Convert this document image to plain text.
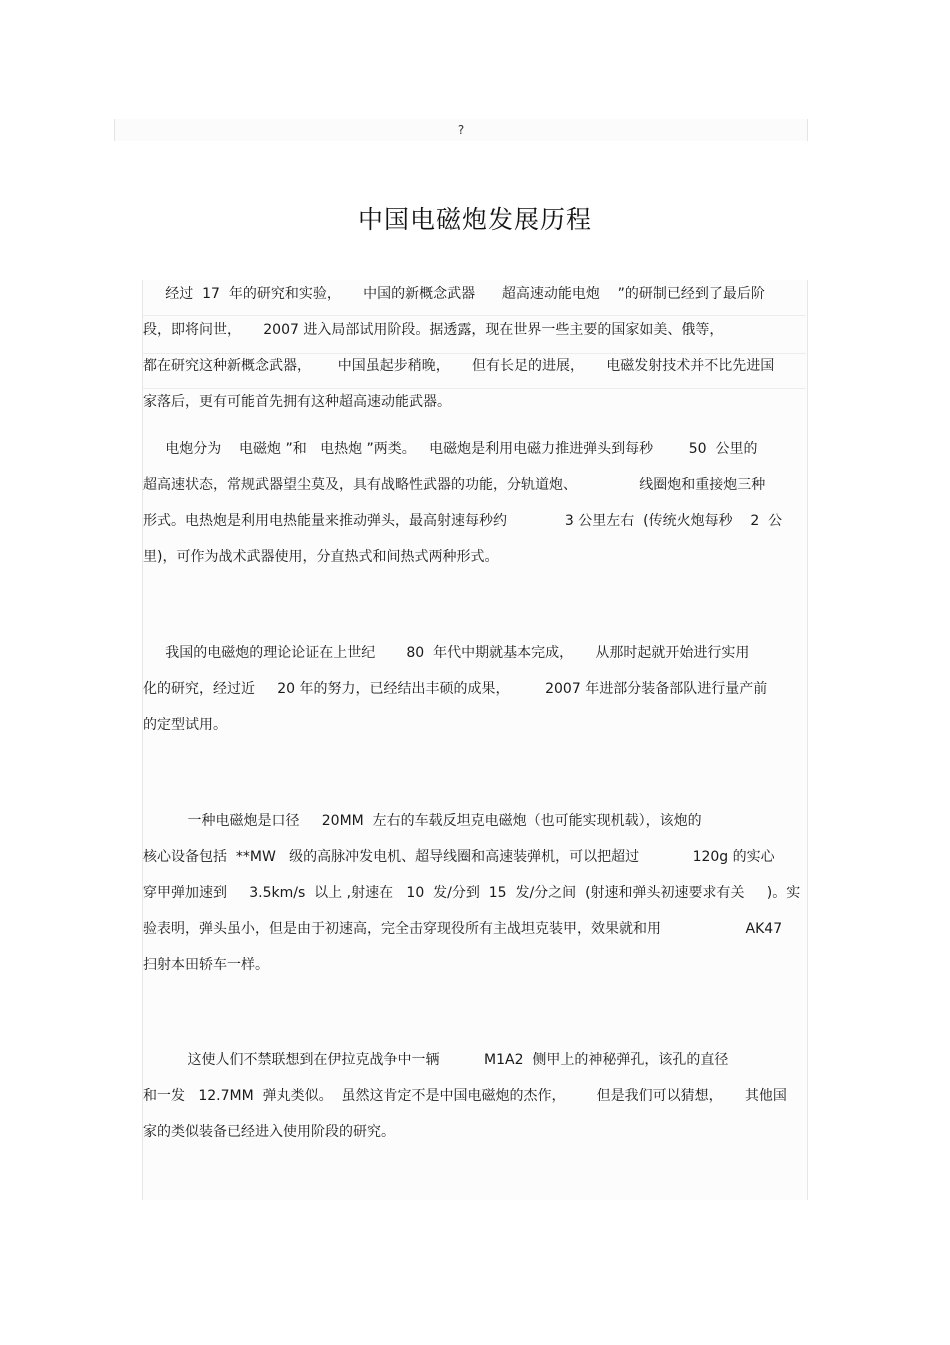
?
中国电磁炮发展历程
经过  17  年的研究和实验，     中国的新概念武器      超高速动能电炮    ”的研制已经到了最后阶
段，即将问世，     2007 进入局部试用阶段。据透露，现在世界一些主要的国家如美、俄等，
都在研究这种新概念武器，      中国虽起步稍晚，     但有长足的进展，     电磁发射技术并不比先进国
家落后，更有可能首先拥有这种超高速动能武器。
电炮分为    电磁炮 ”和   电热炮 ”两类。   电磁炮是利用电磁力推进弹头到每秒        50  公里的
超高速状态，常规武器望尘莫及，具有战略性武器的功能，分轨道炮、              线圈炮和重接炮三种
形式。电热炮是利用电热能量来推动弹头，最高射速每秒约             3 公里左右  (传统火炮每秒    2  公
里)，可作为战术武器使用，分直热式和间热式两种形式。
我国的电磁炮的理论论证在上世纪       80  年代中期就基本完成，     从那时起就开始进行实用
化的研究，经过近     20 年的努力，已经结出丰硕的成果，        2007 年进部分装备部队进行量产前
的定型试用。
一种电磁炮是口径     20MM  左右的车载反坦克电磁炮（也可能实现机载），该炮的
核心设备包括  **MW   级的高脉冲发电机、超导线圈和高速装弹机，可以把超过            120g 的实心
穿甲弹加速到     3.5km/s  以上 ,射速在   10  发/分到  15  发/分之间  (射速和弹头初速要求有关     )。实
验表明，弹头虽小，但是由于初速高，完全击穿现役所有主战坦克装甲，效果就和用                   AK47
扫射本田轿车一样。
这使人们不禁联想到在伊拉克战争中一辆          M1A2  侧甲上的神秘弹孔，该孔的直径
和一发   12.7MM  弹丸类似。  虽然这肯定不是中国电磁炮的杰作，       但是我们可以猜想，     其他国
家的类似装备已经进入使用阶段的研究。
